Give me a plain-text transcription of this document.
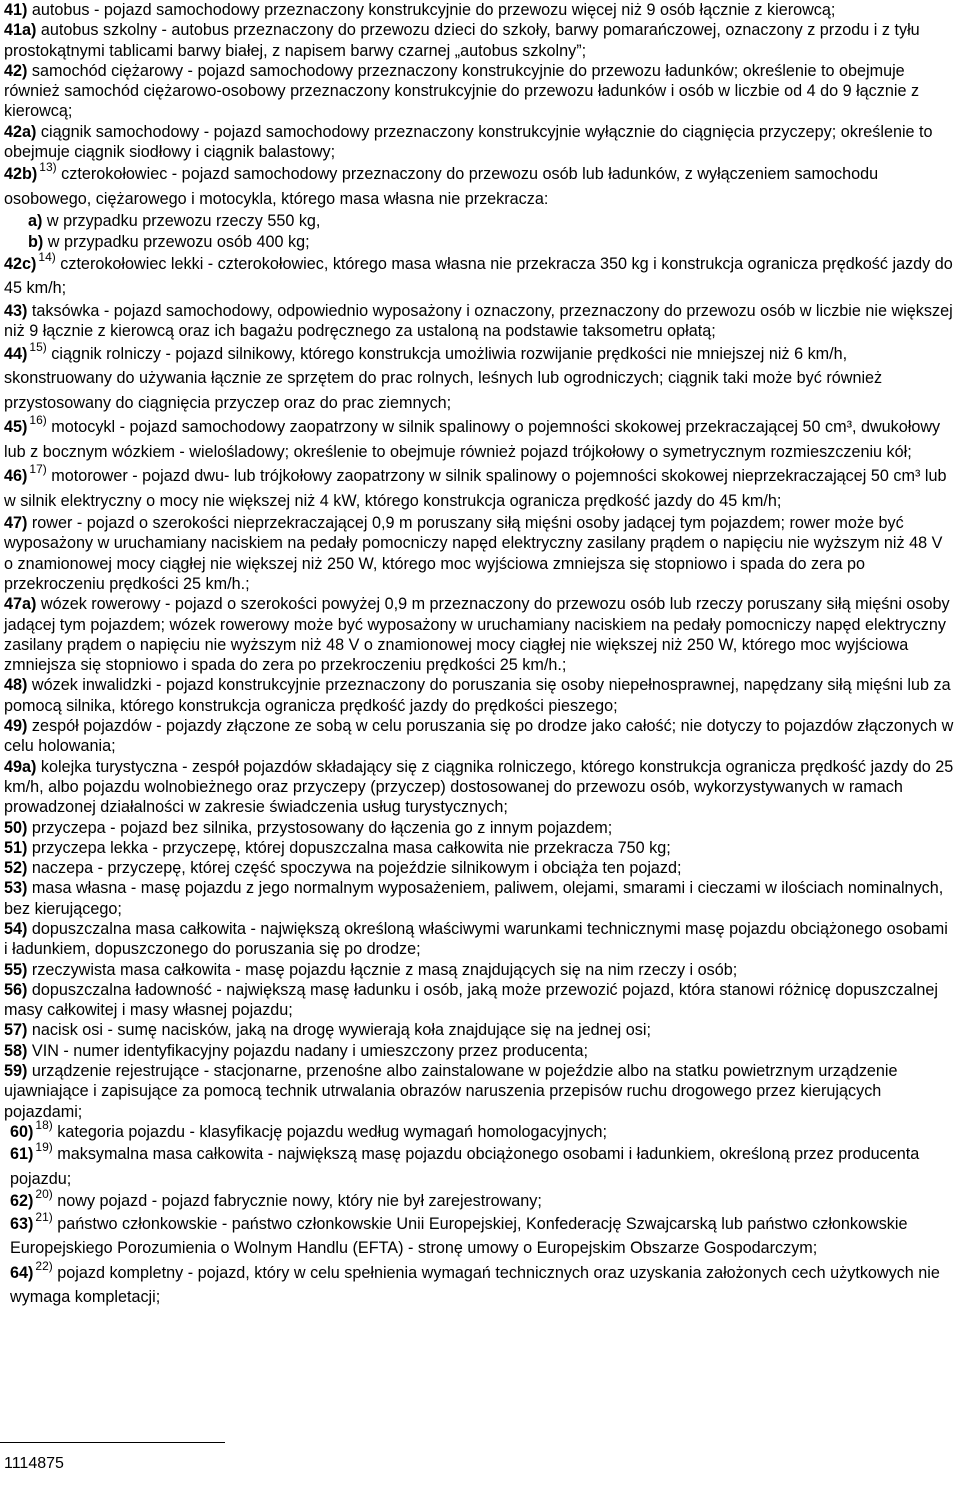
41) autobus - pojazd samochodowy przeznaczony konstrukcyjnie do przewozu więcej niż 9 osób łącznie z kierowcą;

41a) autobus szkolny - autobus przeznaczony do przewozu dzieci do szkoły, barwy pomarańczowej, oznaczony z przodu i z tyłu prostokątnymi tablicami barwy białej, z napisem barwy czarnej „autobus szkolny”;

42) samochód ciężarowy - pojazd samochodowy przeznaczony konstrukcyjnie do przewozu ładunków; określenie to obejmuje również samochód ciężarowo-osobowy przeznaczony konstrukcyjnie do przewozu ładunków i osób w liczbie od 4 do 9 łącznie z kierowcą;

42a) ciągnik samochodowy - pojazd samochodowy przeznaczony konstrukcyjnie wyłącznie do ciągnięcia przyczepy; określenie to obejmuje ciągnik siodłowy i ciągnik balastowy;

42b) $^{13)}$ czterokołowiec - pojazd samochodowy przeznaczony do przewozu osób lub ładunków, z wyłączeniem samochodu osobowego, ciężarowego i motocykla, którego masa własna nie przekracza:

a) w przypadku przewozu rzeczy 550 kg,

b) w przypadku przewozu osób 400 kg;

42c) $^{14)}$ czterokołowiec lekki - czterokołowiec, którego masa własna nie przekracza 350 kg i konstrukcja ogranicza prędkość jazdy do 45 km/h;

43) taksówka - pojazd samochodowy, odpowiednio wyposażony i oznaczony, przeznaczony do przewozu osób w liczbie nie większej niż 9 łącznie z kierowcą oraz ich bagażu podręcznego za ustaloną na podstawie taksometru opłatą;

44) $^{15)}$ ciągnik rolniczy - pojazd silnikowy, którego konstrukcja umożliwia rozwijanie prędkości nie mniejszej niż 6 km/h, skonstruowany do używania łącznie ze sprzętem do prac rolnych, leśnych lub ogrodniczych; ciągnik taki może być również przystosowany do ciągnięcia przyczep oraz do prac ziemnych;

45) $^{16)}$ motocykl - pojazd samochodowy zaopatrzony w silnik spalinowy o pojemności skokowej przekraczającej 50 cm³, dwukołowy lub z bocznym wózkiem - wielośladowy; określenie to obejmuje również pojazd trójkołowy o symetrycznym rozmieszczeniu kół;

46) $^{17)}$ motorower - pojazd dwu- lub trójkołowy zaopatrzony w silnik spalinowy o pojemności skokowej nieprzekraczającej 50 cm³ lub w silnik elektryczny o mocy nie większej niż 4 kW, którego konstrukcja ogranicza prędkość jazdy do 45 km/h;

47) rower - pojazd o szerokości nieprzekraczającej 0,9 m poruszany siłą mięśni osoby jadącej tym pojazdem; rower może być wyposażony w uruchamiany naciskiem na pedały pomocniczy napęd elektryczny zasilany prądem o napięciu nie wyższym niż 48 V o znamionowej mocy ciągłej nie większej niż 250 W, którego moc wyjściowa zmniejsza się stopniowo i spada do zera po przekroczeniu prędkości 25 km/h.;

47a) wózek rowerowy - pojazd o szerokości powyżej 0,9 m przeznaczony do przewozu osób lub rzeczy poruszany siłą mięśni osoby jadącej tym pojazdem; wózek rowerowy może być wyposażony w uruchamiany naciskiem na pedały pomocniczy napęd elektryczny zasilany prądem o napięciu nie wyższym niż 48 V o znamionowej mocy ciągłej nie większej niż 250 W, którego moc wyjściowa zmniejsza się stopniowo i spada do zera po przekroczeniu prędkości 25 km/h.;

48) wózek inwalidzki - pojazd konstrukcyjnie przeznaczony do poruszania się osoby niepełnosprawnej, napędzany siłą mięśni lub za pomocą silnika, którego konstrukcja ogranicza prędkość jazdy do prędkości pieszego;

49) zespół pojazdów - pojazdy złączone ze sobą w celu poruszania się po drodze jako całość; nie dotyczy to pojazdów złączonych w celu holowania;

49a) kolejka turystyczna - zespół pojazdów składający się z ciągnika rolniczego, którego konstrukcja ogranicza prędkość jazdy do 25 km/h, albo pojazdu wolnobieżnego oraz przyczepy (przyczep) dostosowanej do przewozu osób, wykorzystywanych w ramach prowadzonej działalności w zakresie świadczenia usług turystycznych;

50) przyczepa - pojazd bez silnika, przystosowany do łączenia go z innym pojazdem;

51) przyczepa lekka - przyczepę, której dopuszczalna masa całkowita nie przekracza 750 kg;

52) naczepa - przyczepę, której część spoczywa na pojeździe silnikowym i obciąża ten pojazd;

53) masa własna - masę pojazdu z jego normalnym wyposażeniem, paliwem, olejami, smarami i cieczami w ilościach nominalnych, bez kierującego;

54) dopuszczalna masa całkowita - największą określoną właściwymi warunkami technicznymi masę pojazdu obciążonego osobami i ładunkiem, dopuszczonego do poruszania się po drodze;

55) rzeczywista masa całkowita - masę pojazdu łącznie z masą znajdujących się na nim rzeczy i osób;

56) dopuszczalna ładowność - największą masę ładunku i osób, jaką może przewozić pojazd, która stanowi różnicę dopuszczalnej masy całkowitej i masy własnej pojazdu;

57) nacisk osi - sumę nacisków, jaką na drogę wywierają koła znajdujące się na jednej osi;

58) VIN - numer identyfikacyjny pojazdu nadany i umieszczony przez producenta;

59) urządzenie rejestrujące - stacjonarne, przenośne albo zainstalowane w pojeździe albo na statku powietrznym urządzenie ujawniające i zapisujące za pomocą technik utrwalania obrazów naruszenia przepisów ruchu drogowego przez kierujących pojazdami;

60) $^{18)}$ kategoria pojazdu - klasyfikację pojazdu według wymagań homologacyjnych;

61) $^{19)}$ maksymalna masa całkowita - największą masę pojazdu obciążonego osobami i ładunkiem, określoną przez producenta pojazdu;

62) $^{20)}$ nowy pojazd - pojazd fabrycznie nowy, który nie był zarejestrowany;

63) $^{21)}$ państwo członkowskie - państwo członkowskie Unii Europejskiej, Konfederację Szwajcarską lub państwo członkowskie Europejskiego Porozumienia o Wolnym Handlu (EFTA) - stronę umowy o Europejskim Obszarze Gospodarczym;

64) $^{22)}$ pojazd kompletny - pojazd, który w celu spełnienia wymagań technicznych oraz uzyskania założonych cech użytkowych nie wymaga kompletacji;

1114875
